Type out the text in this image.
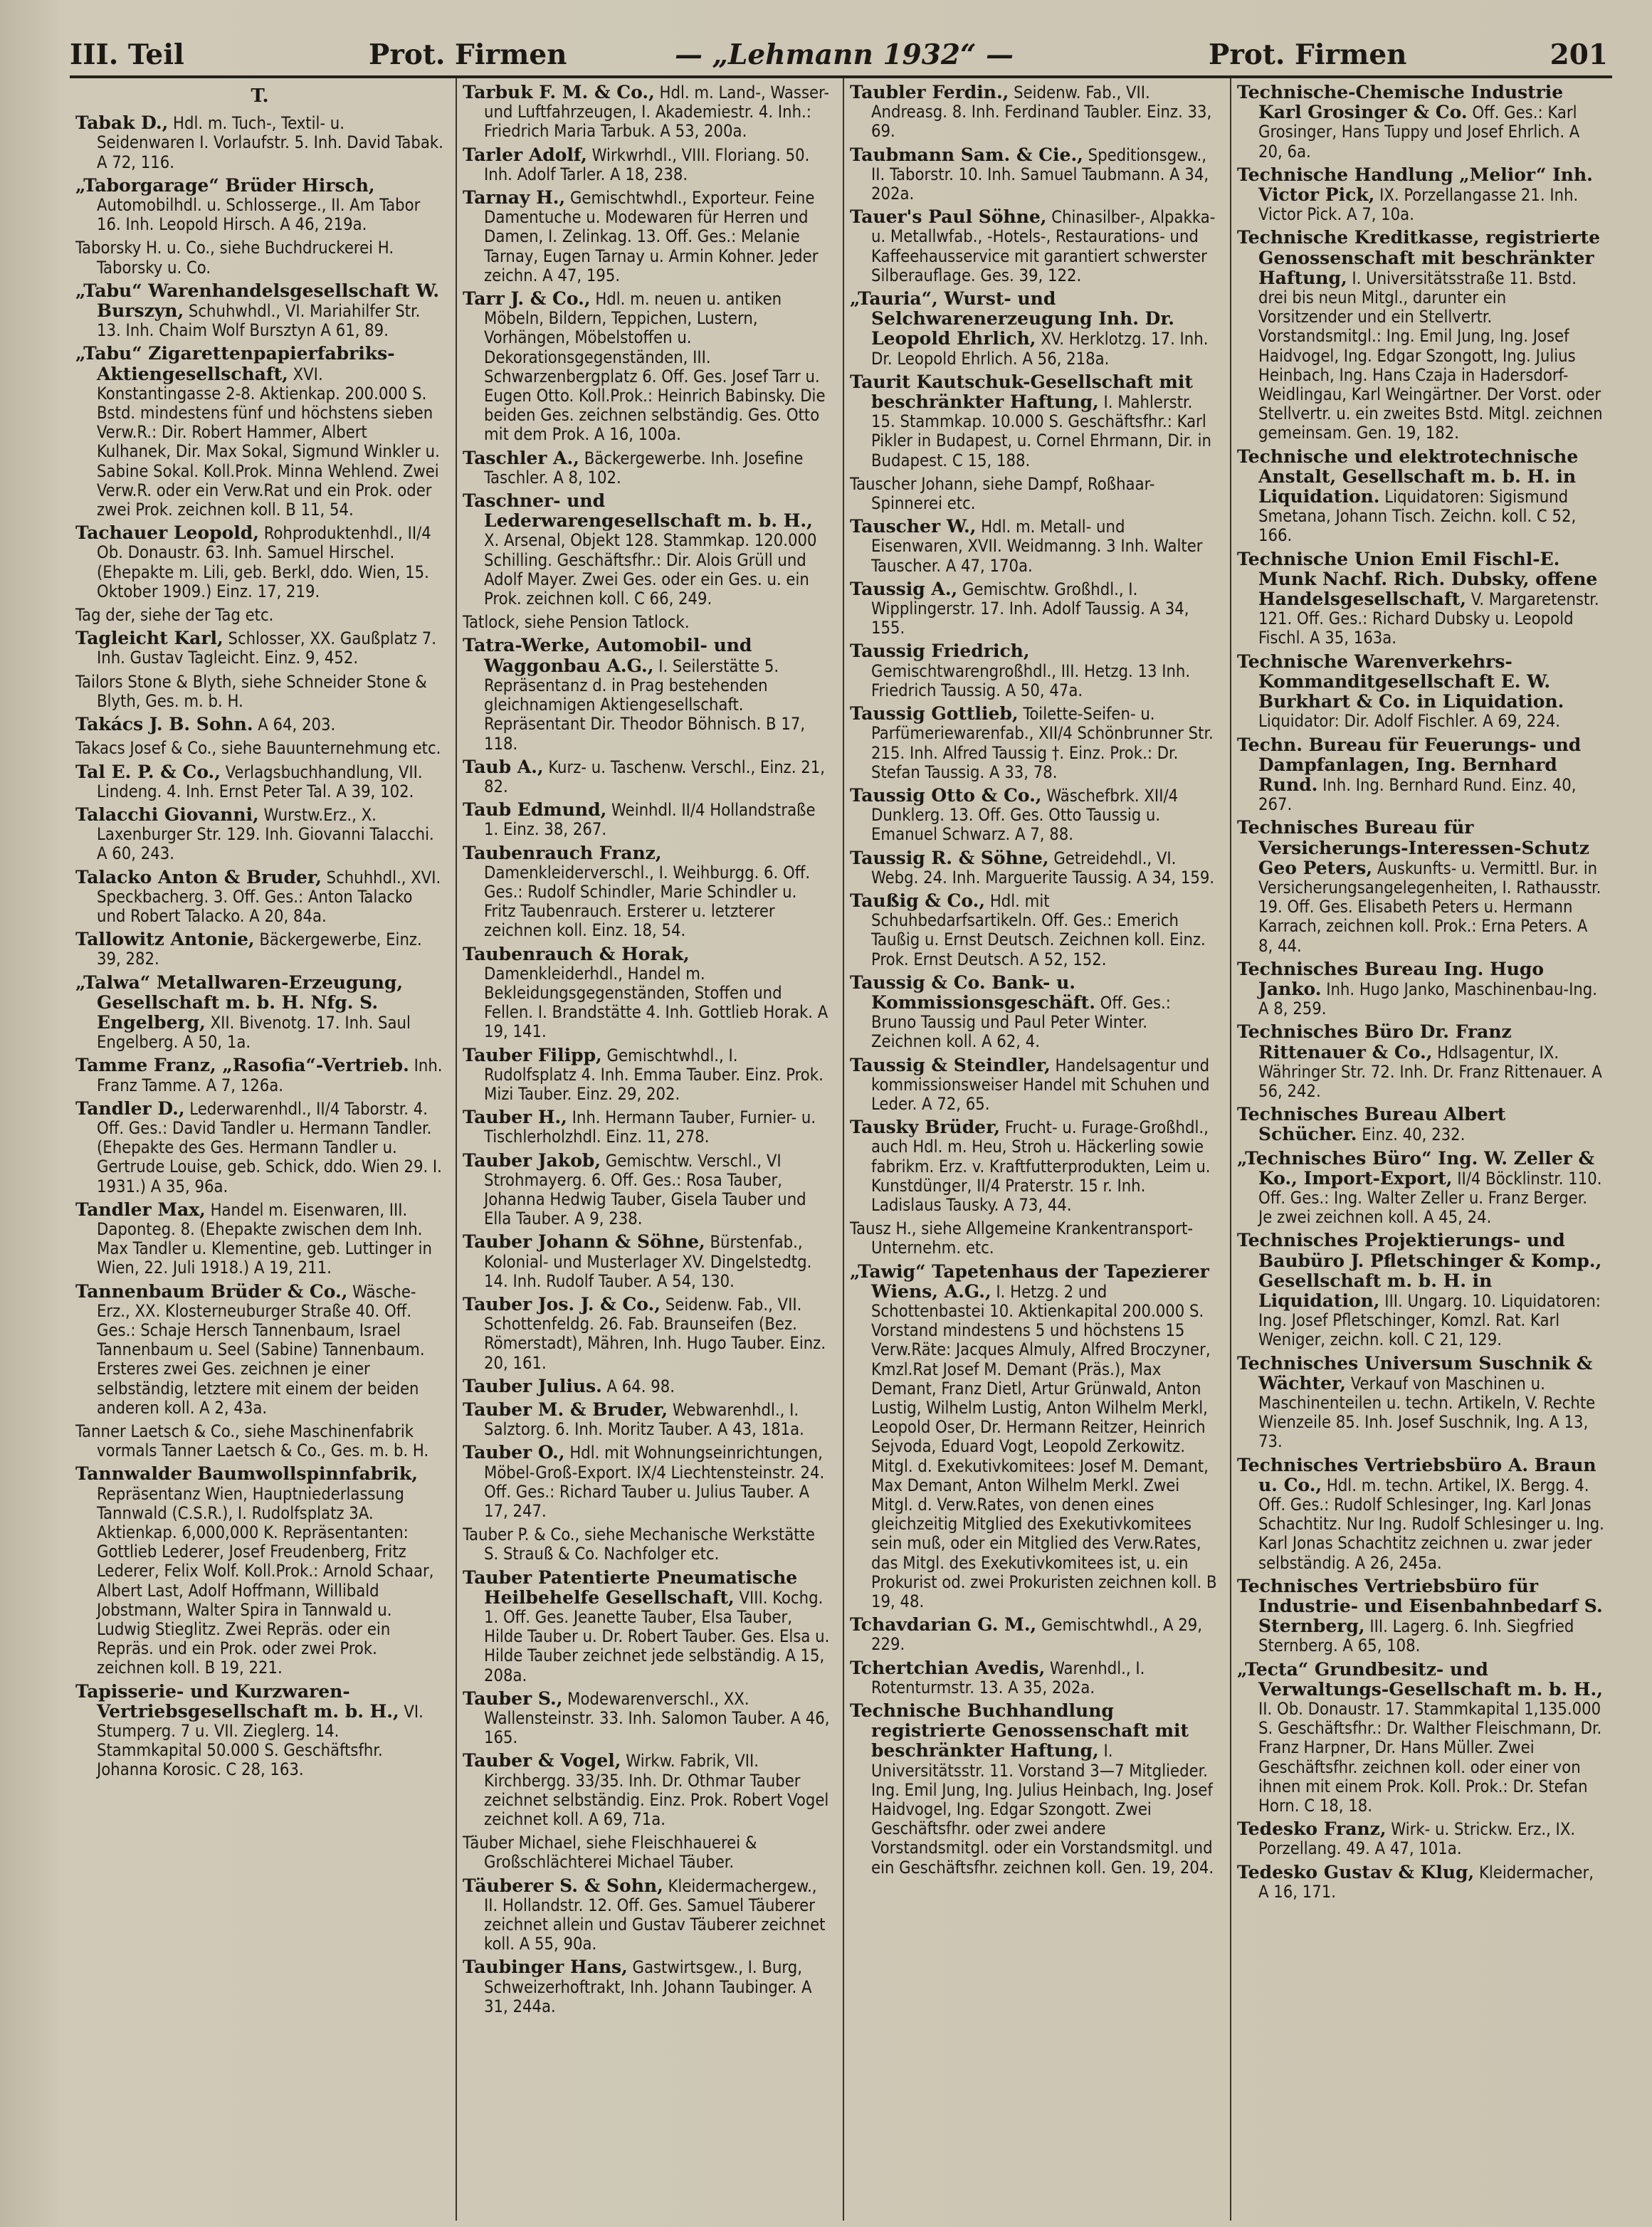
III. Teil	Prot. Firmen	— „Lehmann 1932“ —	Prot. Firmen	201
T.
Tabak D., Hdl. m. Tuch-, Textil- u. Seidenwaren I. Vorlaufstr. 5. Inh. David Tabak. A 72, 116.
„Taborgarage“ Brüder Hirsch, Automobilhdl. u. Schlosserge., II. Am Tabor 16. Inh. Leopold Hirsch. A 46, 219a.
Taborsky H. u. Co., siehe Buchdruckerei H. Taborsky u. Co.
„Tabu“ Warenhandelsgesellschaft W. Burszyn, Schuhwhdl., VI. Mariahilfer Str. 13. Inh. Chaim Wolf Bursztyn A 61, 89.
„Tabu“ Zigarettenpapierfabriks-Aktiengesellschaft, XVI. Konstantingasse 2-8. Aktienkap. 200.000 S. Bstd. mindestens fünf und höchstens sieben Verw.R.: Dir. Robert Hammer, Albert Kulhanek, Dir. Max Sokal, Sigmund Winkler u. Sabine Sokal. Koll.Prok. Minna Wehlend. Zwei Verw.R. oder ein Verw.Rat und ein Prok. oder zwei Prok. zeichnen koll. B 11, 54.
Tachauer Leopold, Rohproduktenhdl., II/4 Ob. Donaustr. 63. Inh. Samuel Hirschel. (Ehepakte m. Lili, geb. Berkl, ddo. Wien, 15. Oktober 1909.) Einz. 17, 219.
Tag der, siehe der Tag etc.
Tagleicht Karl, Schlosser, XX. Gaußplatz 7. Inh. Gustav Tagleicht. Einz. 9, 452.
Tailors Stone & Blyth, siehe Schneider Stone & Blyth, Ges. m. b. H.
Takács J. B. Sohn. A 64, 203.
Takacs Josef & Co., siehe Bauunternehmung etc.
Tal E. P. & Co., Verlagsbuchhandlung, VII. Lindeng. 4. Inh. Ernst Peter Tal. A 39, 102.
Talacchi Giovanni, Wurstw.Erz., X. Laxenburger Str. 129. Inh. Giovanni Talacchi. A 60, 243.
Talacko Anton & Bruder, Schuhhdl., XVI. Speckbacherg. 3. Off. Ges.: Anton Talacko und Robert Talacko. A 20, 84a.
Tallowitz Antonie, Bäckergewerbe, Einz. 39, 282.
„Talwa“ Metallwaren-Erzeugung, Gesellschaft m. b. H. Nfg. S. Engelberg, XII. Bivenotg. 17. Inh. Saul Engelberg. A 50, 1a.
Tamme Franz, „Rasofia“-Vertrieb. Inh. Franz Tamme. A 7, 126a.
Tandler D., Lederwarenhdl., II/4 Taborstr. 4. Off. Ges.: David Tandler u. Hermann Tandler. (Ehepakte des Ges. Hermann Tandler u. Gertrude Louise, geb. Schick, ddo. Wien 29. I. 1931.) A 35, 96a.
Tandler Max, Handel m. Eisenwaren, III. Daponteg. 8. (Ehepakte zwischen dem Inh. Max Tandler u. Klementine, geb. Luttinger in Wien, 22. Juli 1918.) A 19, 211.
Tannenbaum Brüder & Co., Wäsche-Erz., XX. Klosterneuburger Straße 40. Off. Ges.: Schaje Hersch Tannenbaum, Israel Tannenbaum u. Seel (Sabine) Tannenbaum. Ersteres zwei Ges. zeichnen je einer selbständig, letztere mit einem der beiden anderen koll. A 2, 43a.
Tanner Laetsch & Co., siehe Maschinenfabrik vormals Tanner Laetsch & Co., Ges. m. b. H.
Tannwalder Baumwollspinnfabrik, Repräsentanz Wien, Hauptniederlassung Tannwald (C.S.R.), I. Rudolfsplatz 3A. Aktienkap. 6,000,000 K. Repräsentanten: Gottlieb Lederer, Josef Freudenberg, Fritz Lederer, Felix Wolf. Koll.Prok.: Arnold Schaar, Albert Last, Adolf Hoffmann, Willibald Jobstmann, Walter Spira in Tannwald u. Ludwig Stieglitz. Zwei Repräs. oder ein Repräs. und ein Prok. oder zwei Prok. zeichnen koll. B 19, 221.
Tapisserie- und Kurzwaren-Vertriebsgesellschaft m. b. H., VI. Stumperg. 7 u. VII. Zieglerg. 14. Stammkapital 50.000 S. Geschäftsfhr. Johanna Korosic. C 28, 163.
Tarbuk F. M. & Co., Hdl. m. Land-, Wasser- und Luftfahrzeugen, I. Akademiestr. 4. Inh.: Friedrich Maria Tarbuk. A 53, 200a.
Tarler Adolf, Wirkwrhdl., VIII. Floriang. 50. Inh. Adolf Tarler. A 18, 238.
Tarnay H., Gemischtwhdl., Exporteur. Feine Damentuche u. Modewaren für Herren und Damen, I. Zelinkag. 13. Off. Ges.: Melanie Tarnay, Eugen Tarnay u. Armin Kohner. Jeder zeichn. A 47, 195.
Tarr J. & Co., Hdl. m. neuen u. antiken Möbeln, Bildern, Teppichen, Lustern, Vorhängen, Möbelstoffen u. Dekorationsgegenständen, III. Schwarzenbergplatz 6. Off. Ges. Josef Tarr u. Eugen Otto. Koll.Prok.: Heinrich Babinsky. Die beiden Ges. zeichnen selbständig. Ges. Otto mit dem Prok. A 16, 100a.
Taschler A., Bäckergewerbe. Inh. Josefine Taschler. A 8, 102.
Taschner- und Lederwarengesellschaft m. b. H., X. Arsenal, Objekt 128. Stammkap. 120.000 Schilling. Geschäftsfhr.: Dir. Alois Grüll und Adolf Mayer. Zwei Ges. oder ein Ges. u. ein Prok. zeichnen koll. C 66, 249.
Tatlock, siehe Pension Tatlock.
Tatra-Werke, Automobil- und Waggonbau A.G., I. Seilerstätte 5. Repräsentanz d. in Prag bestehenden gleichnamigen Aktiengesellschaft. Repräsentant Dir. Theodor Böhnisch. B 17, 118.
Taub A., Kurz- u. Taschenw. Verschl., Einz. 21, 82.
Taub Edmund, Weinhdl. II/4 Hollandstraße 1. Einz. 38, 267.
Taubenrauch Franz, Damenkleiderverschl., I. Weihburgg. 6. Off. Ges.: Rudolf Schindler, Marie Schindler u. Fritz Taubenrauch. Ersterer u. letzterer zeichnen koll. Einz. 18, 54.
Taubenrauch & Horak, Damenkleiderhdl., Handel m. Bekleidungsgegenständen, Stoffen und Fellen. I. Brandstätte 4. Inh. Gottlieb Horak. A 19, 141.
Tauber Filipp, Gemischtwhdl., I. Rudolfsplatz 4. Inh. Emma Tauber. Einz. Prok. Mizi Tauber. Einz. 29, 202.
Tauber H., Inh. Hermann Tauber, Furnier- u. Tischlerholzhdl. Einz. 11, 278.
Tauber Jakob, Gemischtw. Verschl., VI Strohmayerg. 6. Off. Ges.: Rosa Tauber, Johanna Hedwig Tauber, Gisela Tauber und Ella Tauber. A 9, 238.
Tauber Johann & Söhne, Bürstenfab., Kolonial- und Musterlager XV. Dingelstedtg. 14. Inh. Rudolf Tauber. A 54, 130.
Tauber Jos. J. & Co., Seidenw. Fab., VII. Schottenfeldg. 26. Fab. Braunseifen (Bez. Römerstadt), Mähren, Inh. Hugo Tauber. Einz. 20, 161.
Tauber Julius. A 64. 98.
Tauber M. & Bruder, Webwarenhdl., I. Salztorg. 6. Inh. Moritz Tauber. A 43, 181a.
Tauber O., Hdl. mit Wohnungseinrichtungen, Möbel-Groß-Export. IX/4 Liechtensteinstr. 24. Off. Ges.: Richard Tauber u. Julius Tauber. A 17, 247.
Tauber P. & Co., siehe Mechanische Werkstätte S. Strauß & Co. Nachfolger etc.
Tauber Patentierte Pneumatische Heilbehelfe Gesellschaft, VIII. Kochg. 1. Off. Ges. Jeanette Tauber, Elsa Tauber, Hilde Tauber u. Dr. Robert Tauber. Ges. Elsa u. Hilde Tauber zeichnet jede selbständig. A 15, 208a.
Tauber S., Modewarenverschl., XX. Wallensteinstr. 33. Inh. Salomon Tauber. A 46, 165.
Tauber & Vogel, Wirkw. Fabrik, VII. Kirchbergg. 33/35. Inh. Dr. Othmar Tauber zeichnet selbständig. Einz. Prok. Robert Vogel zeichnet koll. A 69, 71a.
Täuber Michael, siehe Fleischhauerei & Großschlächterei Michael Täuber.
Täuberer S. & Sohn, Kleidermachergew., II. Hollandstr. 12. Off. Ges. Samuel Täuberer zeichnet allein und Gustav Täuberer zeichnet koll. A 55, 90a.
Taubinger Hans, Gastwirtsgew., I. Burg, Schweizerhoftrakt, Inh. Johann Taubinger. A 31, 244a.
Taubler Ferdin., Seidenw. Fab., VII. Andreasg. 8. Inh. Ferdinand Taubler. Einz. 33, 69.
Taubmann Sam. & Cie., Speditionsgew., II. Taborstr. 10. Inh. Samuel Taubmann. A 34, 202a.
Tauer's Paul Söhne, Chinasilber-, Alpakka- u. Metallwfab., -Hotels-, Restaurations- und Kaffeehausservice mit garantiert schwerster Silberauflage. Ges. 39, 122.
„Tauria“, Wurst- und Selchwarenerzeugung Inh. Dr. Leopold Ehrlich, XV. Herklotzg. 17. Inh. Dr. Leopold Ehrlich. A 56, 218a.
Taurit Kautschuk-Gesellschaft mit beschränkter Haftung, I. Mahlerstr. 15. Stammkap. 10.000 S. Geschäftsfhr.: Karl Pikler in Budapest, u. Cornel Ehrmann, Dir. in Budapest. C 15, 188.
Tauscher Johann, siehe Dampf, Roßhaar-Spinnerei etc.
Tauscher W., Hdl. m. Metall- und Eisenwaren, XVII. Weidmanng. 3 Inh. Walter Tauscher. A 47, 170a.
Taussig A., Gemischtw. Großhdl., I. Wipplingerstr. 17. Inh. Adolf Taussig. A 34, 155.
Taussig Friedrich, Gemischtwarengroßhdl., III. Hetzg. 13 Inh. Friedrich Taussig. A 50, 47a.
Taussig Gottlieb, Toilette-Seifen- u. Parfümeriewarenfab., XII/4 Schönbrunner Str. 215. Inh. Alfred Taussig †. Einz. Prok.: Dr. Stefan Taussig. A 33, 78.
Taussig Otto & Co., Wäschefbrk. XII/4 Dunklerg. 13. Off. Ges. Otto Taussig u. Emanuel Schwarz. A 7, 88.
Taussig R. & Söhne, Getreidehdl., VI. Webg. 24. Inh. Marguerite Taussig. A 34, 159.
Taußig & Co., Hdl. mit Schuhbedarfsartikeln. Off. Ges.: Emerich Taußig u. Ernst Deutsch. Zeichnen koll. Einz. Prok. Ernst Deutsch. A 52, 152.
Taussig & Co. Bank- u. Kommissionsgeschäft. Off. Ges.: Bruno Taussig und Paul Peter Winter. Zeichnen koll. A 62, 4.
Taussig & Steindler, Handelsagentur und kommissionsweiser Handel mit Schuhen und Leder. A 72, 65.
Tausky Brüder, Frucht- u. Furage-Großhdl., auch Hdl. m. Heu, Stroh u. Häckerling sowie fabrikm. Erz. v. Kraftfutterprodukten, Leim u. Kunstdünger, II/4 Praterstr. 15 r. Inh. Ladislaus Tausky. A 73, 44.
Tausz H., siehe Allgemeine Krankentransport-Unternehm. etc.
„Tawig“ Tapetenhaus der Tapezierer Wiens, A.G., I. Hetzg. 2 und Schottenbastei 10. Aktienkapital 200.000 S. Vorstand mindestens 5 und höchstens 15 Verw.Räte: Jacques Almuly, Alfred Broczyner, Kmzl.Rat Josef M. Demant (Präs.), Max Demant, Franz Dietl, Artur Grünwald, Anton Lustig, Wilhelm Lustig, Anton Wilhelm Merkl, Leopold Oser, Dr. Hermann Reitzer, Heinrich Sejvoda, Eduard Vogt, Leopold Zerkowitz. Mitgl. d. Exekutivkomitees: Josef M. Demant, Max Demant, Anton Wilhelm Merkl. Zwei Mitgl. d. Verw.Rates, von denen eines gleichzeitig Mitglied des Exekutivkomitees sein muß, oder ein Mitglied des Verw.Rates, das Mitgl. des Exekutivkomitees ist, u. ein Prokurist od. zwei Prokuristen zeichnen koll. B 19, 48.
Tchavdarian G. M., Gemischtwhdl., A 29, 229.
Tchertchian Avedis, Warenhdl., I. Rotenturmstr. 13. A 35, 202a.
Technische Buchhandlung registrierte Genossenschaft mit beschränkter Haftung, I. Universitätsstr. 11. Vorstand 3—7 Mitglieder. Ing. Emil Jung, Ing. Julius Heinbach, Ing. Josef Haidvogel, Ing. Edgar Szongott. Zwei Geschäftsfhr. oder zwei andere Vorstandsmitgl. oder ein Vorstandsmitgl. und ein Geschäftsfhr. zeichnen koll. Gen. 19, 204.
Technische-Chemische Industrie Karl Grosinger & Co. Off. Ges.: Karl Grosinger, Hans Tuppy und Josef Ehrlich. A 20, 6a.
Technische Handlung „Melior“ Inh. Victor Pick, IX. Porzellangasse 21. Inh. Victor Pick. A 7, 10a.
Technische Kreditkasse, registrierte Genossenschaft mit beschränkter Haftung, I. Universitätsstraße 11. Bstd. drei bis neun Mitgl., darunter ein Vorsitzender und ein Stellvertr. Vorstandsmitgl.: Ing. Emil Jung, Ing. Josef Haidvogel, Ing. Edgar Szongott, Ing. Julius Heinbach, Ing. Hans Czaja in Hadersdorf-Weidlingau, Karl Weingärtner. Der Vorst. oder Stellvertr. u. ein zweites Bstd. Mitgl. zeichnen gemeinsam. Gen. 19, 182.
Technische und elektrotechnische Anstalt, Gesellschaft m. b. H. in Liquidation. Liquidatoren: Sigismund Smetana, Johann Tisch. Zeichn. koll. C 52, 166.
Technische Union Emil Fischl-E. Munk Nachf. Rich. Dubsky, offene Handelsgesellschaft, V. Margaretenstr. 121. Off. Ges.: Richard Dubsky u. Leopold Fischl. A 35, 163a.
Technische Warenverkehrs-Kommanditgesellschaft E. W. Burkhart & Co. in Liquidation. Liquidator: Dir. Adolf Fischler. A 69, 224.
Techn. Bureau für Feuerungs- und Dampfanlagen, Ing. Bernhard Rund. Inh. Ing. Bernhard Rund. Einz. 40, 267.
Technisches Bureau für Versicherungs-Interessen-Schutz Geo Peters, Auskunfts- u. Vermittl. Bur. in Versicherungsangelegenheiten, I. Rathausstr. 19. Off. Ges. Elisabeth Peters u. Hermann Karrach, zeichnen koll. Prok.: Erna Peters. A 8, 44.
Technisches Bureau Ing. Hugo Janko. Inh. Hugo Janko, Maschinenbau-Ing. A 8, 259.
Technisches Büro Dr. Franz Rittenauer & Co., Hdlsagentur, IX. Währinger Str. 72. Inh. Dr. Franz Rittenauer. A 56, 242.
Technisches Bureau Albert Schücher. Einz. 40, 232.
„Technisches Büro“ Ing. W. Zeller & Ko., Import-Export, II/4 Böcklinstr. 110. Off. Ges.: Ing. Walter Zeller u. Franz Berger. Je zwei zeichnen koll. A 45, 24.
Technisches Projektierungs- und Baubüro J. Pfletschinger & Komp., Gesellschaft m. b. H. in Liquidation, III. Ungarg. 10. Liquidatoren: Ing. Josef Pfletschinger, Komzl. Rat. Karl Weniger, zeichn. koll. C 21, 129.
Technisches Universum Suschnik & Wächter, Verkauf von Maschinen u. Maschinenteilen u. techn. Artikeln, V. Rechte Wienzeile 85. Inh. Josef Suschnik, Ing. A 13, 73.
Technisches Vertriebsbüro A. Braun u. Co., Hdl. m. techn. Artikel, IX. Bergg. 4. Off. Ges.: Rudolf Schlesinger, Ing. Karl Jonas Schachtitz. Nur Ing. Rudolf Schlesinger u. Ing. Karl Jonas Schachtitz zeichnen u. zwar jeder selbständig. A 26, 245a.
Technisches Vertriebsbüro für Industrie- und Eisenbahnbedarf S. Sternberg, III. Lagerg. 6. Inh. Siegfried Sternberg. A 65, 108.
„Tecta“ Grundbesitz- und Verwaltungs-Gesellschaft m. b. H., II. Ob. Donaustr. 17. Stammkapital 1,135.000 S. Geschäftsfhr.: Dr. Walther Fleischmann, Dr. Franz Harpner, Dr. Hans Müller. Zwei Geschäftsfhr. zeichnen koll. oder einer von ihnen mit einem Prok. Koll. Prok.: Dr. Stefan Horn. C 18, 18.
Tedesko Franz, Wirk- u. Strickw. Erz., IX. Porzellang. 49. A 47, 101a.
Tedesko Gustav & Klug, Kleidermacher, A 16, 171.
